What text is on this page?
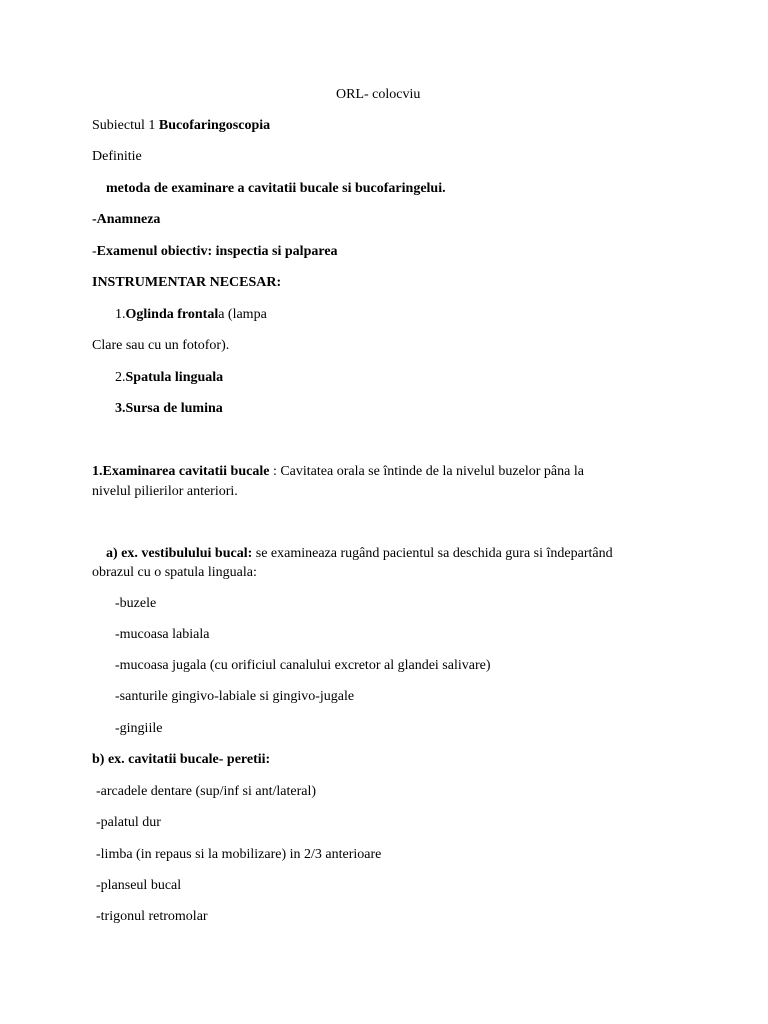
ORL- colocviu
Subiectul 1 Bucofaringoscopia
Definitie
metoda de examinare a cavitatii bucale si bucofaringelui.
-Anamneza
-Examenul obiectiv: inspectia si palparea
INSTRUMENTAR NECESAR:
1.Oglinda frontala (lampa
Clare sau cu un fotofor).
2.Spatula linguala
3.Sursa de lumina
1.Examinarea cavitatii bucale : Cavitatea orala se întinde de la nivelul buzelor pâna la
nivelul pilierilor anteriori.
a) ex. vestibulului bucal: se examineaza rugând pacientul sa deschida gura si îndepartând
obrazul cu o spatula linguala:
-buzele
-mucoasa labiala
-mucoasa jugala (cu orificiul canalului excretor al glandei salivare)
-santurile gingivo-labiale si gingivo-jugale
-gingiile
b) ex. cavitatii bucale- peretii:
-arcadele dentare (sup/inf si ant/lateral)
-palatul dur
-limba (in repaus si la mobilizare) in 2/3 anterioare
-planseul bucal
-trigonul retromolar
